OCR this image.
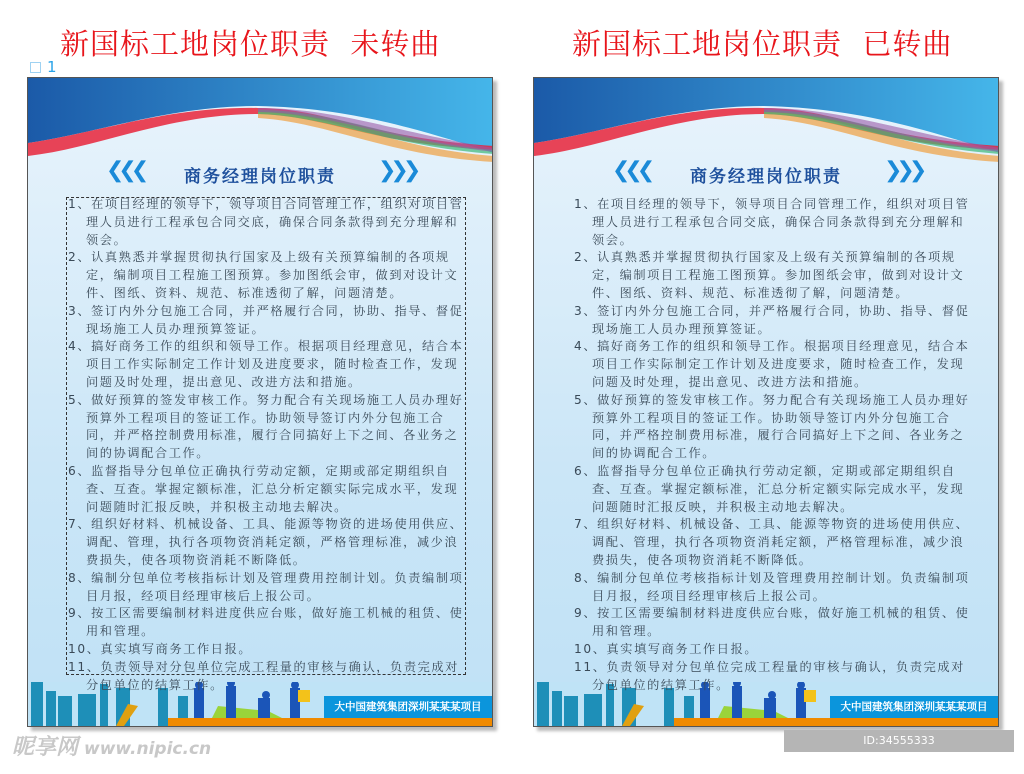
新国标工地岗位职责  未转曲	新国标工地岗位职责  已转曲
1
❮❮❮	商务经理岗位职责	❯❯❯
1、在项目经理的领导下，领导项目合同管理工作，组织对项目管理人员进行工程承包合同交底，确保合同条款得到充分理解和领会。
2、认真熟悉并掌握贯彻执行国家及上级有关预算编制的各项规定，编制项目工程施工图预算。参加图纸会审，做到对设计文件、图纸、资料、规范、标准透彻了解，问题清楚。
3、签订内外分包施工合同，并严格履行合同，协助、指导、督促现场施工人员办理预算签证。
4、搞好商务工作的组织和领导工作。根据项目经理意见，结合本项目工作实际制定工作计划及进度要求，随时检查工作，发现问题及时处理，提出意见、改进方法和措施。
5、做好预算的签发审核工作。努力配合有关现场施工人员办理好预算外工程项目的签证工作。协助领导签订内外分包施工合同，并严格控制费用标准，履行合同搞好上下之间、各业务之间的协调配合工作。
6、监督指导分包单位正确执行劳动定额，定期或部定期组织自查、互查。掌握定额标准，汇总分析定额实际完成水平，发现问题随时汇报反映，并积极主动地去解决。
7、组织好材料、机械设备、工具、能源等物资的进场使用供应、调配、管理，执行各项物资消耗定额，严格管理标准，减少浪费损失，使各项物资消耗不断降低。
8、编制分包单位考核指标计划及管理费用控制计划。负责编制项目月报，经项目经理审核后上报公司。
9、按工区需要编制材料进度供应台账，做好施工机械的租赁、使用和管理。
10、真实填写商务工作日报。
11、负责领导对分包单位完成工程量的审核与确认，负责完成对分包单位的结算工作。
大中国建筑集团深圳某某某项目
❮❮❮	商务经理岗位职责	❯❯❯
1、在项目经理的领导下，领导项目合同管理工作，组织对项目管理人员进行工程承包合同交底，确保合同条款得到充分理解和领会。
2、认真熟悉并掌握贯彻执行国家及上级有关预算编制的各项规定，编制项目工程施工图预算。参加图纸会审，做到对设计文件、图纸、资料、规范、标准透彻了解，问题清楚。
3、签订内外分包施工合同，并严格履行合同，协助、指导、督促现场施工人员办理预算签证。
4、搞好商务工作的组织和领导工作。根据项目经理意见，结合本项目工作实际制定工作计划及进度要求，随时检查工作，发现问题及时处理，提出意见、改进方法和措施。
5、做好预算的签发审核工作。努力配合有关现场施工人员办理好预算外工程项目的签证工作。协助领导签订内外分包施工合同，并严格控制费用标准，履行合同搞好上下之间、各业务之间的协调配合工作。
6、监督指导分包单位正确执行劳动定额，定期或部定期组织自查、互查。掌握定额标准，汇总分析定额实际完成水平，发现问题随时汇报反映，并积极主动地去解决。
7、组织好材料、机械设备、工具、能源等物资的进场使用供应、调配、管理，执行各项物资消耗定额，严格管理标准，减少浪费损失，使各项物资消耗不断降低。
8、编制分包单位考核指标计划及管理费用控制计划。负责编制项目月报，经项目经理审核后上报公司。
9、按工区需要编制材料进度供应台账，做好施工机械的租赁、使用和管理。
10、真实填写商务工作日报。
11、负责领导对分包单位完成工程量的审核与确认，负责完成对分包单位的结算工作。
大中国建筑集团深圳某某某项目
昵享网 www.nipic.cn	ID:34555333 NO:20230325201552706102
